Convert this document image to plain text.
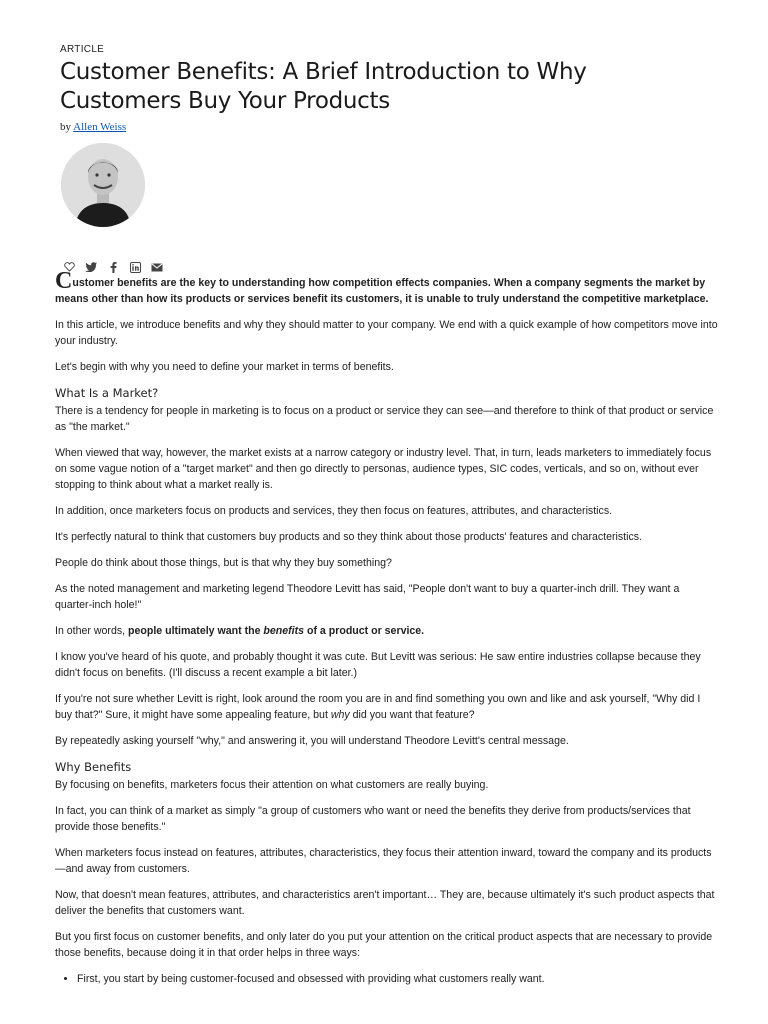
ARTICLE
Customer Benefits: A Brief Introduction to Why Customers Buy Your Products
by Allen Weiss

Customer benefits are the key to understanding how competition effects companies. When a company segments the market by means other than how its products or services benefit its customers, it is unable to truly understand the competitive marketplace.

In this article, we introduce benefits and why they should matter to your company. We end with a quick example of how competitors move into your industry.

Let's begin with why you need to define your market in terms of benefits.

What Is a Market?

There is a tendency for people in marketing is to focus on a product or service they can see—and therefore to think of that product or service as "the market."

When viewed that way, however, the market exists at a narrow category or industry level. That, in turn, leads marketers to immediately focus on some vague notion of a "target market" and then go directly to personas, audience types, SIC codes, verticals, and so on, without ever stopping to think about what a market really is.

In addition, once marketers focus on products and services, they then focus on features, attributes, and characteristics.

It's perfectly natural to think that customers buy products and so they think about those products' features and characteristics.

People do think about those things, but is that why they buy something?

As the noted management and marketing legend Theodore Levitt has said, "People don't want to buy a quarter-inch drill. They want a quarter-inch hole!"

In other words, people ultimately want the benefits of a product or service.

I know you've heard of his quote, and probably thought it was cute. But Levitt was serious: He saw entire industries collapse because they didn't focus on benefits. (I'll discuss a recent example a bit later.)

If you're not sure whether Levitt is right, look around the room you are in and find something you own and like and ask yourself, "Why did I buy that?" Sure, it might have some appealing feature, but why did you want that feature?

By repeatedly asking yourself "why," and answering it, you will understand Theodore Levitt's central message.

Why Benefits

By focusing on benefits, marketers focus their attention on what customers are really buying.

In fact, you can think of a market as simply "a group of customers who want or need the benefits they derive from products/services that provide those benefits."

When marketers focus instead on features, attributes, characteristics, they focus their attention inward, toward the company and its products—and away from customers.

Now, that doesn't mean features, attributes, and characteristics aren't important… They are, because ultimately it's such product aspects that deliver the benefits that customers want.

But you first focus on customer benefits, and only later do you put your attention on the critical product aspects that are necessary to provide those benefits, because doing it in that order helps in three ways:

• First, you start by being customer-focused and obsessed with providing what customers really want.
